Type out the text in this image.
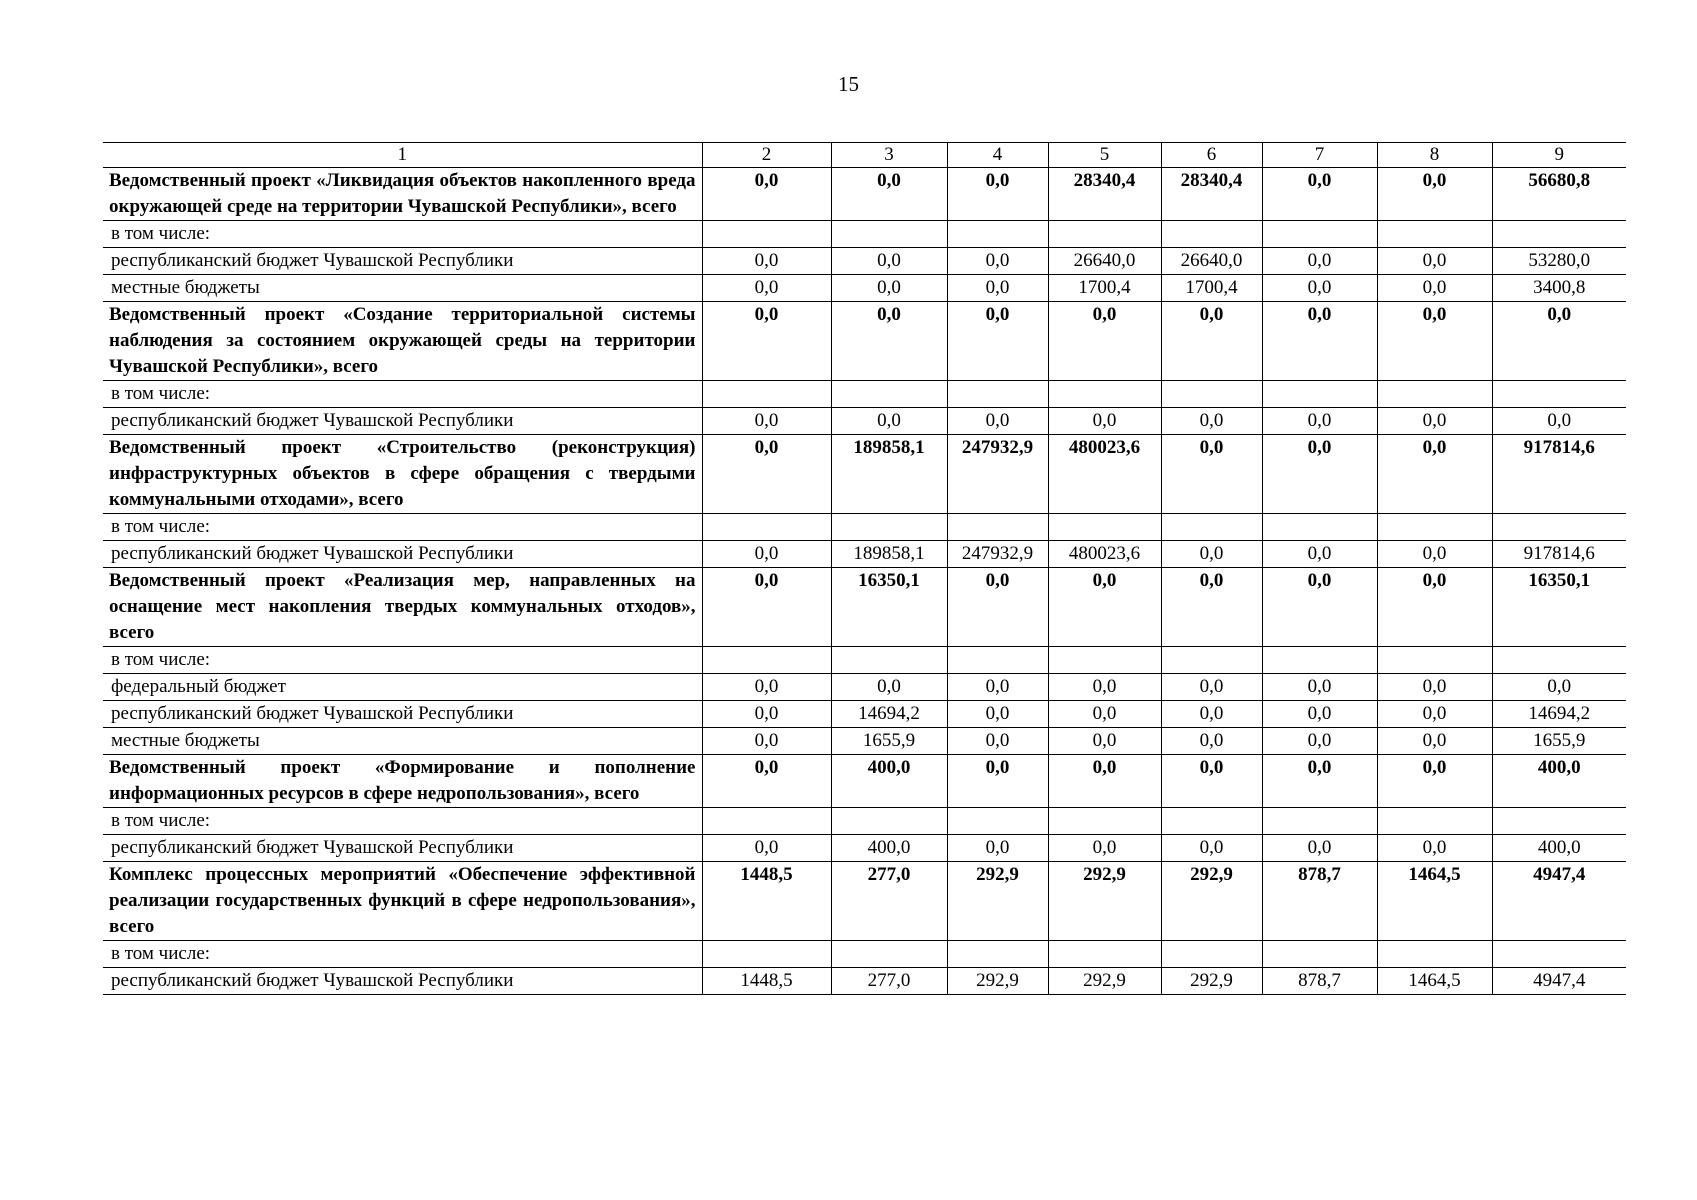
15
1	2	3	4	5	6	7	8	9
Ведомственный проект «Ликвидация объектов накопленного вреда окружающей среде на территории Чувашской Республики», всего	0,0	0,0	0,0	28340,4	28340,4	0,0	0,0	56680,8
в том числе:								
республиканский бюджет Чувашской Республики	0,0	0,0	0,0	26640,0	26640,0	0,0	0,0	53280,0
местные бюджеты	0,0	0,0	0,0	1700,4	1700,4	0,0	0,0	3400,8
Ведомственный проект «Создание территориальной системы наблюдения за состоянием окружающей среды на территории Чувашской Республики», всего	0,0	0,0	0,0	0,0	0,0	0,0	0,0	0,0
в том числе:								
республиканский бюджет Чувашской Республики	0,0	0,0	0,0	0,0	0,0	0,0	0,0	0,0
Ведомственный проект «Строительство (реконструкция) инфраструктурных объектов в сфере обращения с твердыми коммунальными отходами», всего	0,0	189858,1	247932,9	480023,6	0,0	0,0	0,0	917814,6
в том числе:								
республиканский бюджет Чувашской Республики	0,0	189858,1	247932,9	480023,6	0,0	0,0	0,0	917814,6
Ведомственный проект «Реализация мер, направленных на оснащение мест накопления твердых коммунальных отходов», всего	0,0	16350,1	0,0	0,0	0,0	0,0	0,0	16350,1
в том числе:								
федеральный бюджет	0,0	0,0	0,0	0,0	0,0	0,0	0,0	0,0
республиканский бюджет Чувашской Республики	0,0	14694,2	0,0	0,0	0,0	0,0	0,0	14694,2
местные бюджеты	0,0	1655,9	0,0	0,0	0,0	0,0	0,0	1655,9
Ведомственный проект «Формирование и пополнение информационных ресурсов в сфере недропользования», всего	0,0	400,0	0,0	0,0	0,0	0,0	0,0	400,0
в том числе:								
республиканский бюджет Чувашской Республики	0,0	400,0	0,0	0,0	0,0	0,0	0,0	400,0
Комплекс процессных мероприятий «Обеспечение эффективной реализации государственных функций в сфере недропользования», всего	1448,5	277,0	292,9	292,9	292,9	878,7	1464,5	4947,4
в том числе:								
республиканский бюджет Чувашской Республики	1448,5	277,0	292,9	292,9	292,9	878,7	1464,5	4947,4
